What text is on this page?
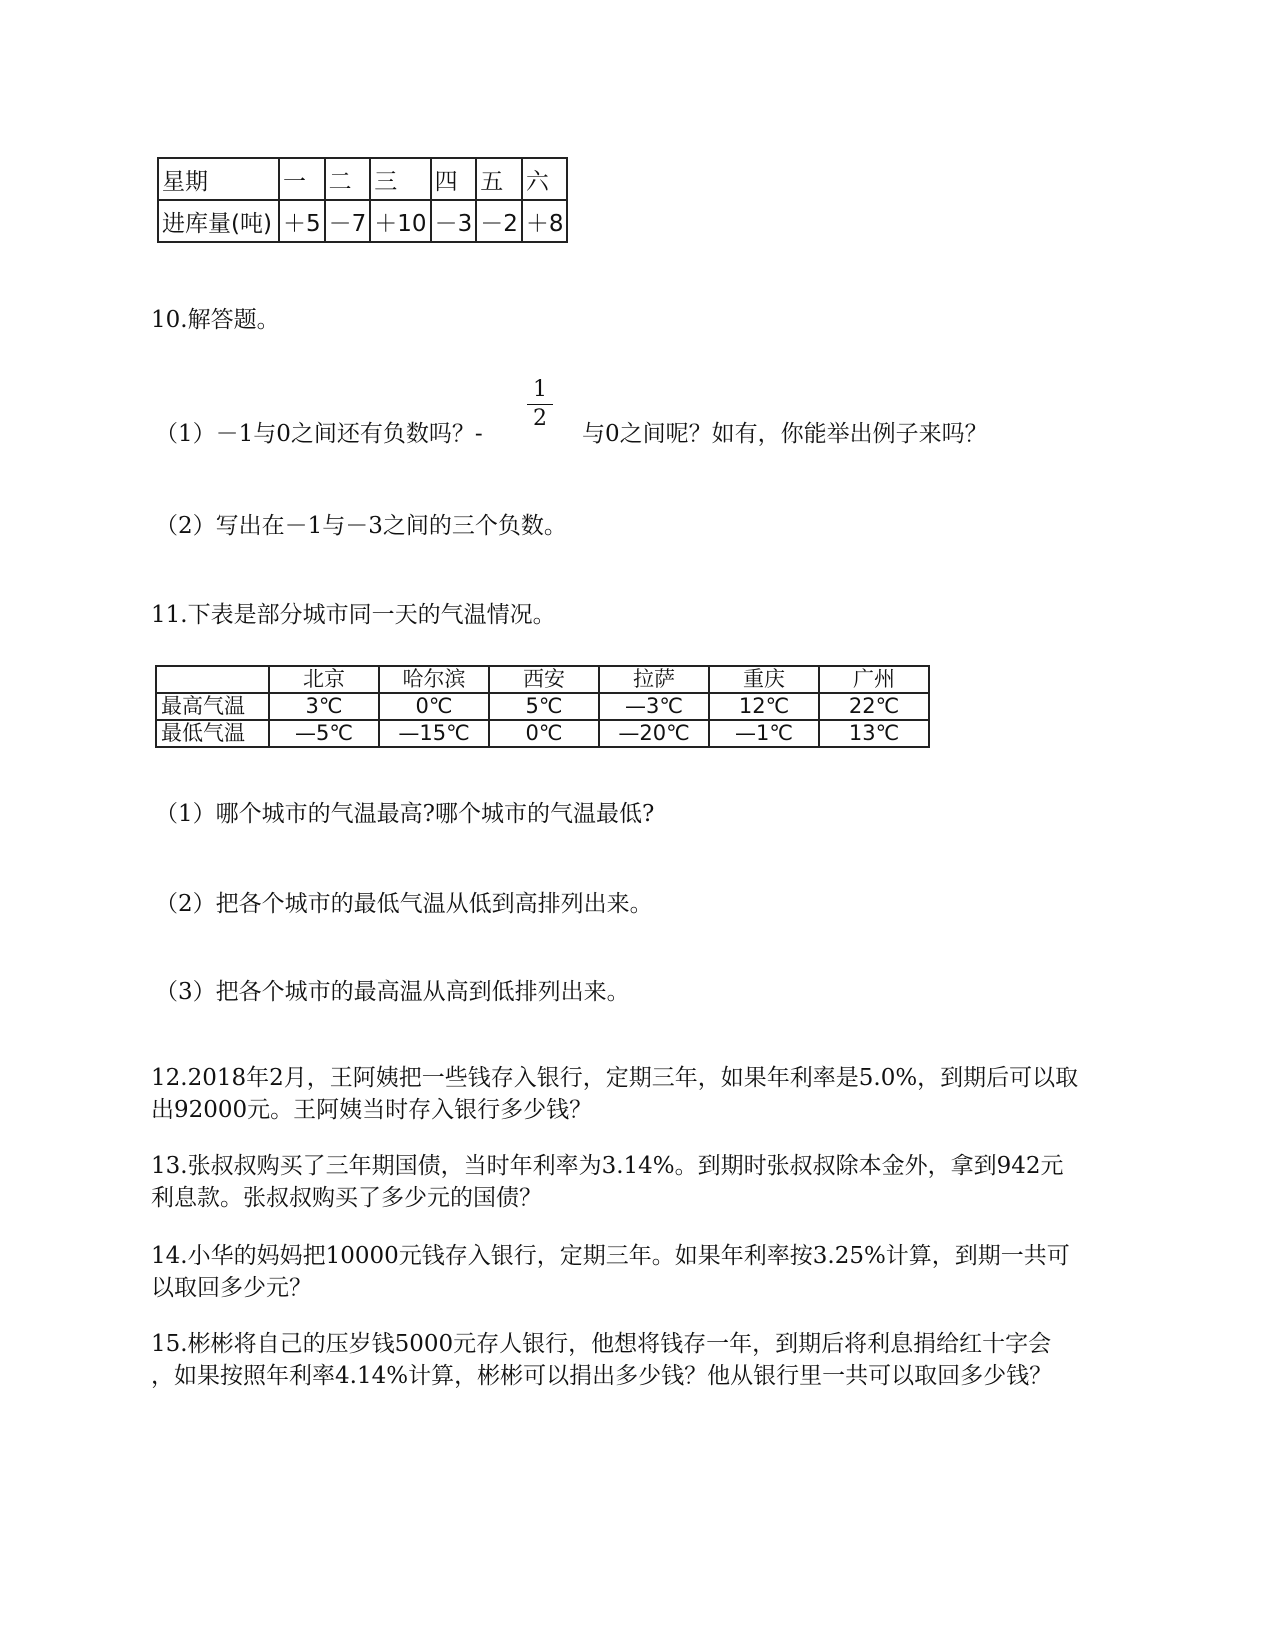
星期	一	二	三	四	五	六
进库量(吨)	＋5	－7	＋10	－3	－2	＋8
10.解答题。
（1）－1与0之间还有负数吗？-
1
2
与0之间呢？如有，你能举出例子来吗？
（2）写出在－1与－3之间的三个负数。
11.下表是部分城市同一天的气温情况。
	北京	哈尔滨	西安	拉萨	重庆	广州
最高气温	3℃	0℃	5℃	—3℃	12℃	22℃
最低气温	—5℃	—15℃	0℃	—20℃	—1℃	13℃
（1）哪个城市的气温最高?哪个城市的气温最低?
（2）把各个城市的最低气温从低到高排列出来。
（3）把各个城市的最高温从高到低排列出来。
12.2018年2月，王阿姨把一些钱存入银行，定期三年，如果年利率是5.0%，到期后可以取
出92000元。王阿姨当时存入银行多少钱？
13.张叔叔购买了三年期国债，当时年利率为3.14%。到期时张叔叔除本金外，拿到942元
利息款。张叔叔购买了多少元的国债？
14.小华的妈妈把10000元钱存入银行，定期三年。如果年利率按3.25%计算，到期一共可
以取回多少元？
15.彬彬将自己的压岁钱5000元存人银行，他想将钱存一年，到期后将利息捐给红十字会
，如果按照年利率4.14%计算，彬彬可以捐出多少钱？他从银行里一共可以取回多少钱？
